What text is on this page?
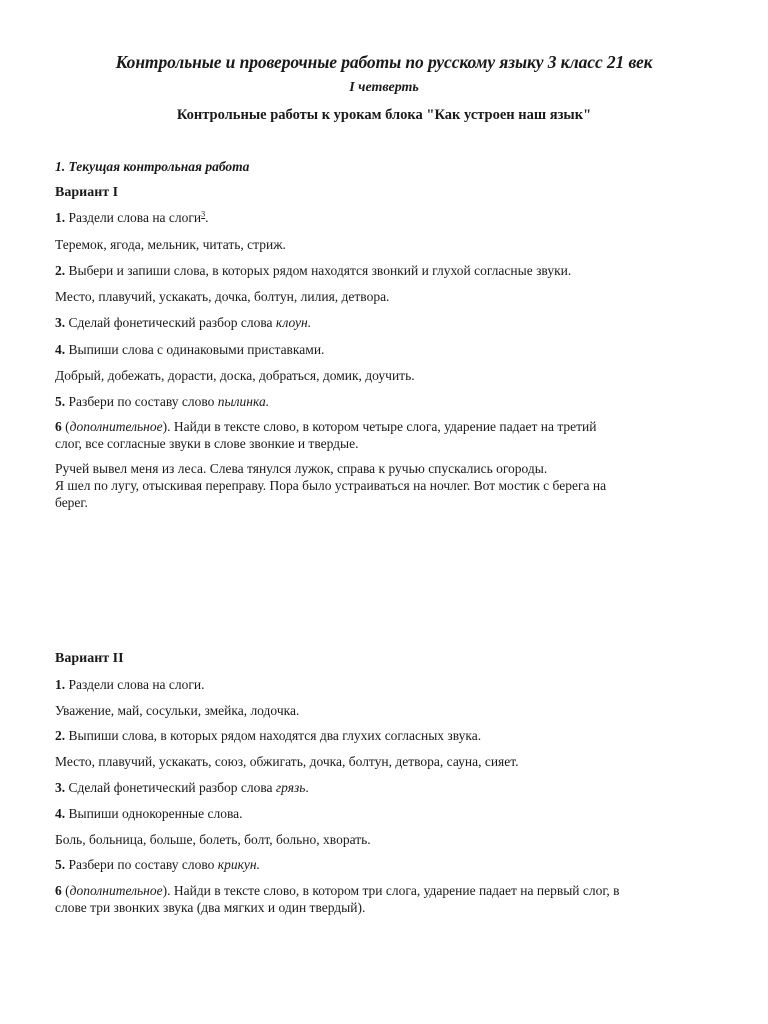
Контрольные и проверочные работы по русскому языку 3 класс 21 век
I четверть
Контрольные работы к урокам блока "Как устроен наш язык"
1. Текущая контрольная работа
Вариант I
1. Раздели слова на слоги$^3$.
Теремок, ягода, мельник, читать, стриж.
2. Выбери и запиши слова, в которых рядом находятся звонкий и глухой согласные звуки.
Место, плавучий, ускакать, дочка, болтун, лилия, детвора.
3. Сделай фонетический разбор слова клоун.
4. Выпиши слова с одинаковыми приставками.
Добрый, добежать, дорасти, доска, добраться, домик, доучить.
5. Разбери по составу слово пылинка.
6 (дополнительное). Найди в тексте слово, в котором четыре слога, ударение падает на третий
слог, все согласные звуки в слове звонкие и твердые.
Ручей вывел меня из леса. Слева тянулся лужок, справа к ручью спускались огороды.
Я шел по лугу, отыскивая переправу. Пора было устраиваться на ночлег. Вот мостик с берега на
берег.
Вариант II
1. Раздели слова на слоги.
Уважение, май, сосульки, змейка, лодочка.
2. Выпиши слова, в которых рядом находятся два глухих согласных звука.
Место, плавучий, ускакать, союз, обжигать, дочка, болтун, детвора, сауна, сияет.
3. Сделай фонетический разбор слова грязь.
4. Выпиши однокоренные слова.
Боль, больница, больше, болеть, болт, больно, хворать.
5. Разбери по составу слово крикун.
6 (дополнительное). Найди в тексте слово, в котором три слога, ударение падает на первый слог, в
слове три звонких звука (два мягких и один твердый).
